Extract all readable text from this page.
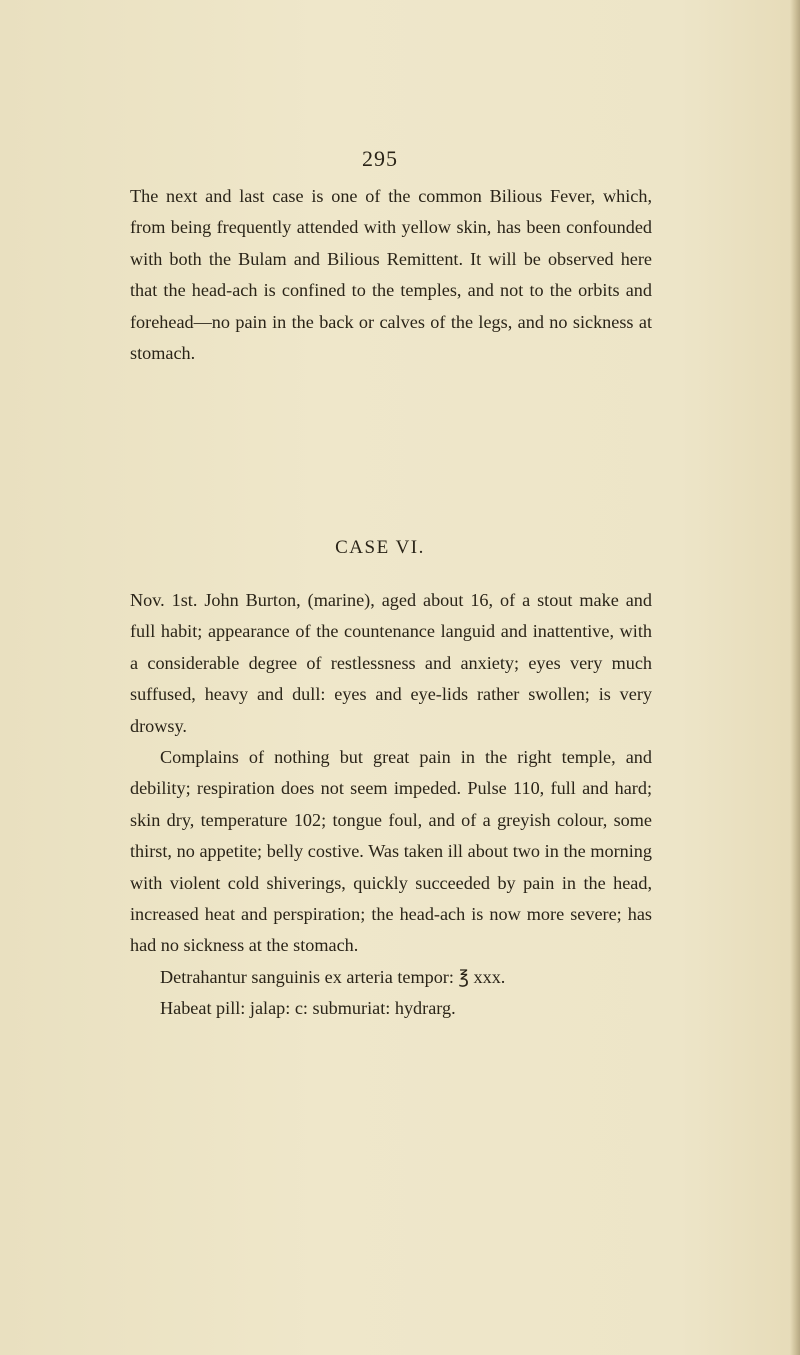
295

The next and last case is one of the common Bilious Fever, which, from being frequently attended with yellow skin, has been confounded with both the Bulam and Bilious Remittent. It will be observed here that the head-ach is confined to the temples, and not to the orbits and forehead—no pain in the back or calves of the legs, and no sickness at stomach.

CASE VI.

Nov. 1st. John Burton, (marine), aged about 16, of a stout make and full habit; appearance of the countenance languid and inattentive, with a considerable degree of restlessness and anxiety; eyes very much suffused, heavy and dull: eyes and eye-lids rather swollen; is very drowsy.

Complains of nothing but great pain in the right temple, and debility; respiration does not seem impeded. Pulse 110, full and hard; skin dry, temperature 102; tongue foul, and of a greyish colour, some thirst, no appetite; belly costive. Was taken ill about two in the morning with violent cold shiverings, quickly succeeded by pain in the head, increased heat and perspiration; the head-ach is now more severe; has had no sickness at the stomach.

Detrahantur sanguinis ex arteria tempor: ℥ xxx.

Habeat pill: jalap: c: submuriat: hydrarg.
